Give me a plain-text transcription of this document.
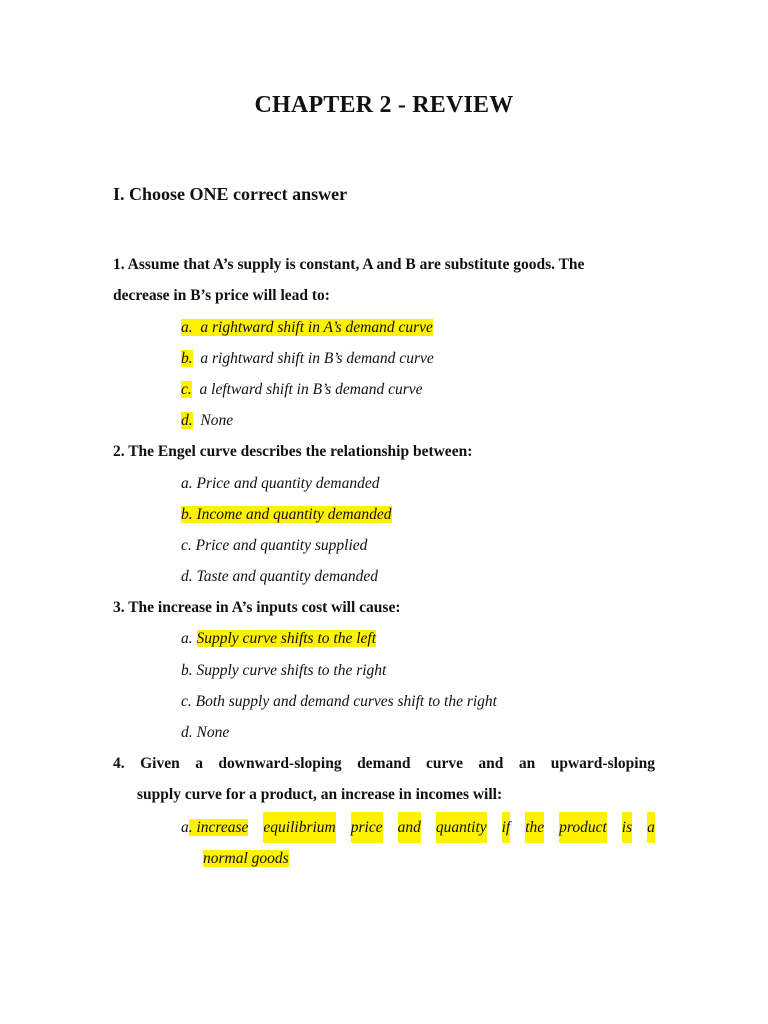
CHAPTER 2 - REVIEW
I. Choose ONE correct answer
1. Assume that A’s supply is constant, A and B are substitute goods. The
decrease in B’s price will lead to:
a. a rightward shift in A’s demand curve
b. a rightward shift in B’s demand curve
c. a leftward shift in B’s demand curve
d. None
2. The Engel curve describes the relationship between:
a. Price and quantity demanded
b. Income and quantity demanded
c. Price and quantity supplied
d. Taste and quantity demanded
3. The increase in A’s inputs cost will cause:
a. Supply curve shifts to the left
b. Supply curve shifts to the right
c. Both supply and demand curves shift to the right
d. None
4. Given a downward-sloping demand curve and an upward-sloping
supply curve for a product, an increase in incomes will:
a. increase equilibrium price and quantity if the product is a
normal goods
